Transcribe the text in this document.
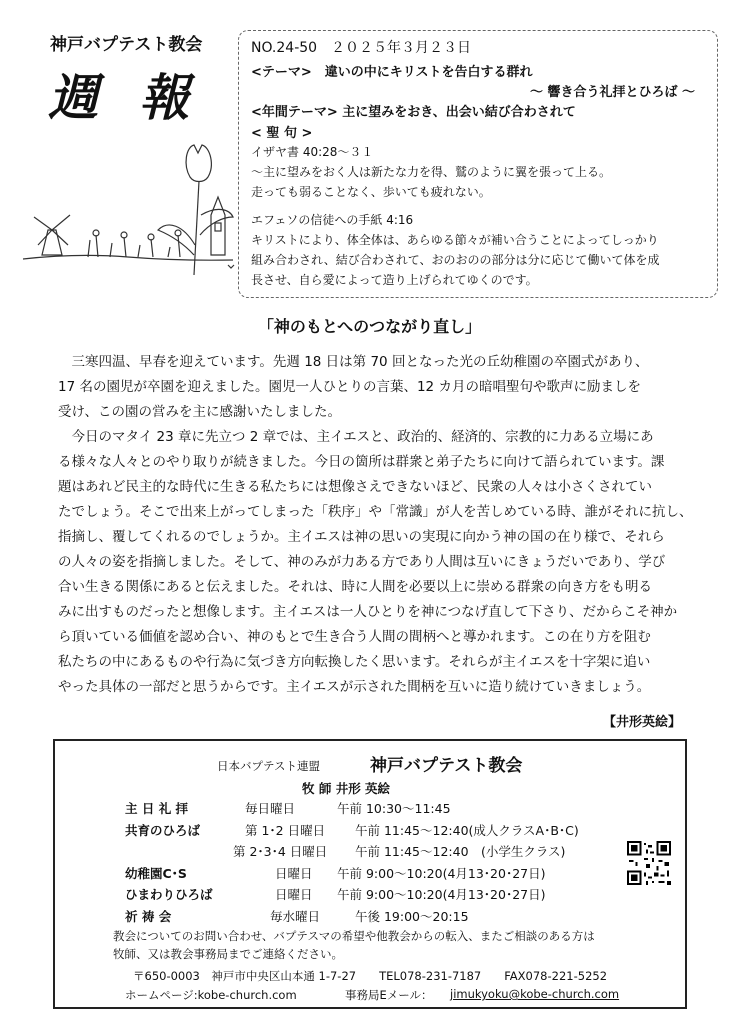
神戸バプテスト教会
週 報
NO.24-50　２０２５年３月２３日
<テーマ>　違いの中にキリストを告白する群れ
～ 響き合う礼拝とひろば ～
<年間テーマ> 主に望みをおき、出会い結び合わされて
< 聖 句 >
イザヤ書 40:28～３１
～主に望みをおく人は新たな力を得、鷲のように翼を張って上る。
走っても弱ることなく、歩いても疲れない。
エフェソの信徒への手紙 4:16
キリストにより、体全体は、あらゆる節々が補い合うことによってしっかり
組み合わされ、結び合わされて、おのおのの部分は分に応じて働いて体を成
長させ、自ら愛によって造り上げられてゆくのです。
「神のもとへのつながり直し」
　三寒四温、早春を迎えています。先週 18 日は第 70 回となった光の丘幼稚園の卒園式があり、
17 名の園児が卒園を迎えました。園児一人ひとりの言葉、12 カ月の暗唱聖句や歌声に励ましを
受け、この園の営みを主に感謝いたしました。
　今日のマタイ 23 章に先立つ 2 章では、主イエスと、政治的、経済的、宗教的に力ある立場にあ
る様々な人々とのやり取りが続きました。今日の箇所は群衆と弟子たちに向けて語られています。課
題はあれど民主的な時代に生きる私たちには想像さえできないほど、民衆の人々は小さくされてい
たでしょう。そこで出来上がってしまった「秩序」や「常識」が人を苦しめている時、誰がそれに抗し、
指摘し、覆してくれるのでしょうか。主イエスは神の思いの実現に向かう神の国の在り様で、それら
の人々の姿を指摘しました。そして、神のみが力ある方であり人間は互いにきょうだいであり、学び
合い生きる関係にあると伝えました。それは、時に人間を必要以上に崇める群衆の向き方をも明る
みに出すものだったと想像します。主イエスは一人ひとりを神につなげ直して下さり、だからこそ神か
ら頂いている価値を認め合い、神のもとで生き合う人間の間柄へと導かれます。この在り方を阻む
私たちの中にあるものや行為に気づき方向転換したく思います。それらが主イエスを十字架に追い
やった具体の一部だと思うからです。主イエスが示された間柄を互いに造り続けていきましょう。
【井形英絵】
日本バプテスト連盟	神戸バプテスト教会
牧 師 井形 英絵
主 日 礼 拝	毎日曜日	午前 10:30～11:45
共育のひろば	第 1･2 日曜日 午前 11:45～12:40(成人クラスA･B･C)
第 2･3･4 日曜日 午前 11:45～12:40　(小学生クラス)
幼稚園C･S	日曜日 午前 9:00～10:20(4月13･20･27日)
ひまわりひろば	日曜日 午前 9:00～10:20(4月13･20･27日)
祈 祷 会	毎水曜日	午後 19:00～20:15
教会についてのお問い合わせ、バプテスマの希望や他教会からの転入、またご相談のある方は
牧師、又は教会事務局までご連絡ください。
〒650-0003　神戸市中央区山本通 1-7-27　　TEL078-231-7187　　FAX078-221-5252
ホームページ:kobe-church.com	事務局Eメール： jimukyoku@kobe-church.com
